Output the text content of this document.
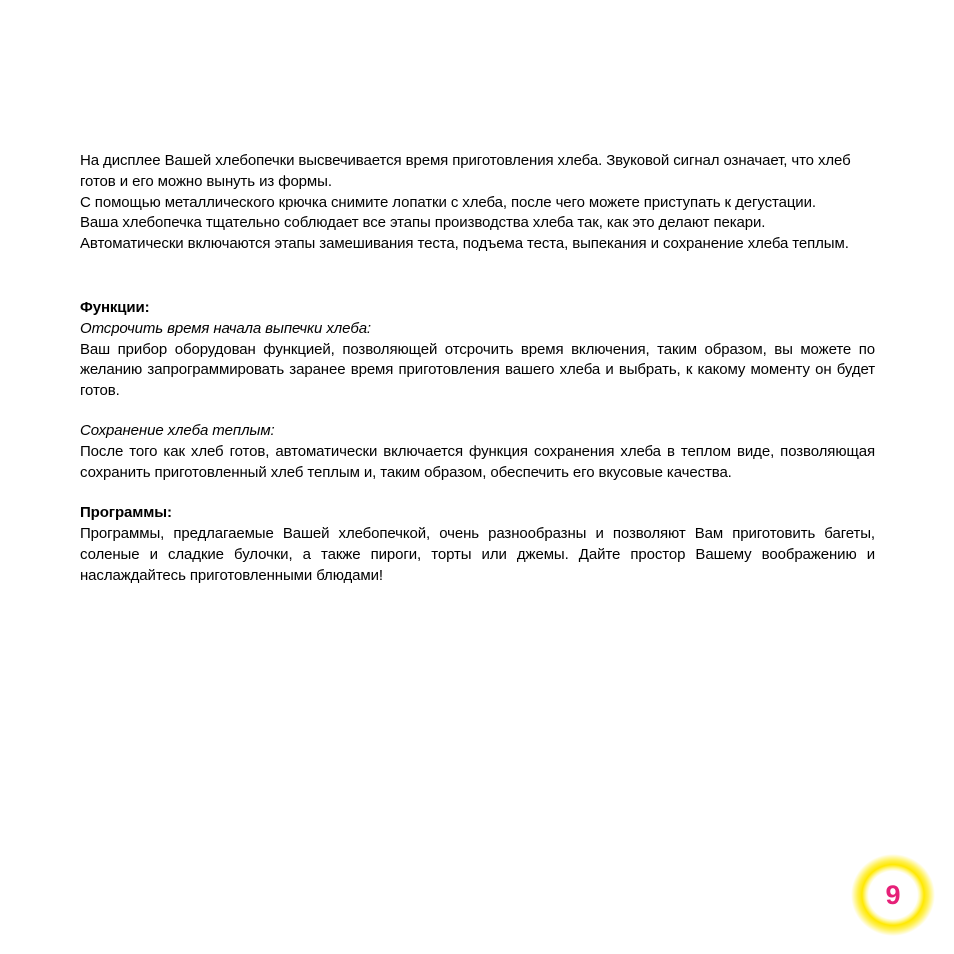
На дисплее Вашей хлебопечки высвечивается время приготовления хлеба. Звуковой сигнал означает, что хлеб готов и его можно вынуть из формы.

С помощью металлического крючка снимите лопатки с хлеба, после чего можете приступать к дегустации.

Ваша хлебопечка тщательно соблюдает все этапы производства хлеба так, как это делают пекари.

Автоматически включаются этапы замешивания теста, подъема теста, выпекания и сохранение хлеба теплым.

Функции:

Отсрочить время начала выпечки хлеба:

Ваш прибор оборудован функцией, позволяющей отсрочить время включения, таким образом, вы можете по желанию запрограммировать заранее время приготовления вашего хлеба и выбрать, к какому моменту он будет готов.

Сохранение хлеба теплым:

После того как хлеб готов, автоматически включается функция сохранения хлеба в теплом виде, позволяющая сохранить приготовленный хлеб теплым и, таким образом, обеспечить его вкусовые качества.

Программы:

Программы, предлагаемые Вашей хлебопечкой, очень разнообразны и позволяют Вам приготовить багеты, соленые и сладкие булочки, а также пироги, торты или джемы. Дайте простор Вашему воображению и наслаждайтесь приготовленными блюдами!

9
